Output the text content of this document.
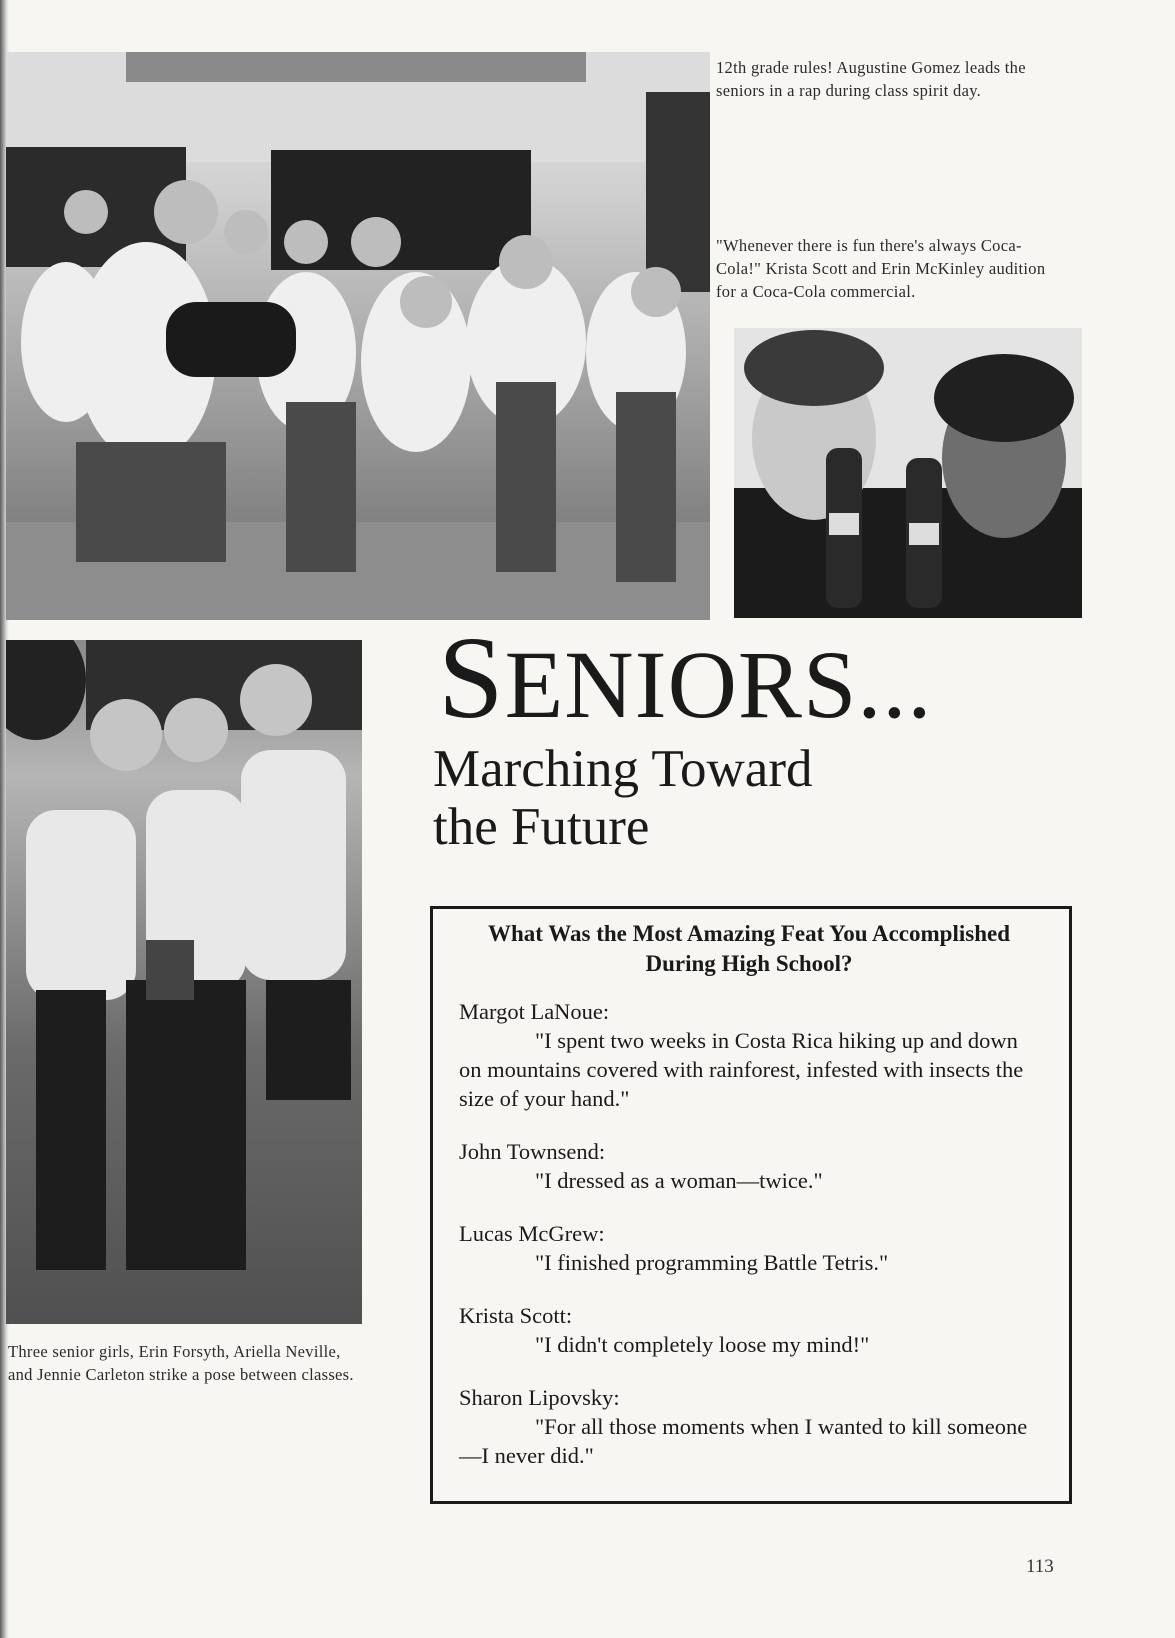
12th grade rules! Augustine Gomez leads the seniors in a rap during class spirit day.
"Whenever there is fun there's always Coca-Cola!" Krista Scott and Erin McKinley audition for a Coca-Cola commercial.
SENIORS...
Marching Toward the Future
Three senior girls, Erin Forsyth, Ariella Neville, and Jennie Carleton strike a pose between classes.

What Was the Most Amazing Feat You Accomplished During High School?

Margot LaNoue:
"I spent two weeks in Costa Rica hiking up and down on mountains covered with rainforest, infested with insects the size of your hand."
John Townsend:
"I dressed as a woman—twice."
Lucas McGrew:
"I finished programming Battle Tetris."
Krista Scott:
"I didn't completely loose my mind!"
Sharon Lipovsky:
"For all those moments when I wanted to kill someone—I never did."
113
